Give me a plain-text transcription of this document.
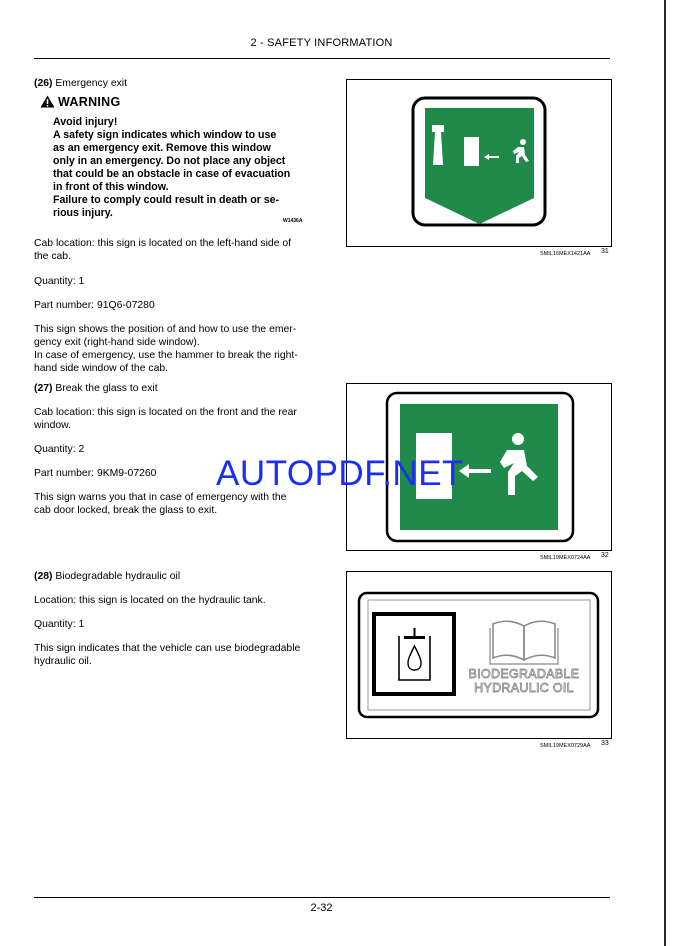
2 - SAFETY INFORMATION
(26) Emergency exit
WARNING
Avoid injury!
A safety sign indicates which window to use
as an emergency exit. Remove this window
only in an emergency. Do not place any object
that could be an obstacle in case of evacuation
in front of this window.
Failure to comply could result in death or se-
rious injury.
W1436A
Cab location: this sign is located on the left-hand side of
the cab.
Quantity: 1
Part number: 91Q6-07280
This sign shows the position of and how to use the emer-
gency exit (right-hand side window).
In case of emergency, use the hammer to break the right-
hand side window of the cab.
SMIL16MEX1421AA 31
(27) Break the glass to exit
Cab location: this sign is located on the front and the rear
window.
Quantity: 2
Part number: 9KM9-07260
This sign warns you that in case of emergency with the
cab door locked, break the glass to exit.
SMIL19MEX0724AA 32
(28) Biodegradable hydraulic oil
Location: this sign is located on the hydraulic tank.
Quantity: 1
This sign indicates that the vehicle can use biodegradable
hydraulic oil.
BIODEGRADABLE
HYDRAULIC OIL
SMIL19MEX0729AA 33
AUTOPDF.NET
2-32
